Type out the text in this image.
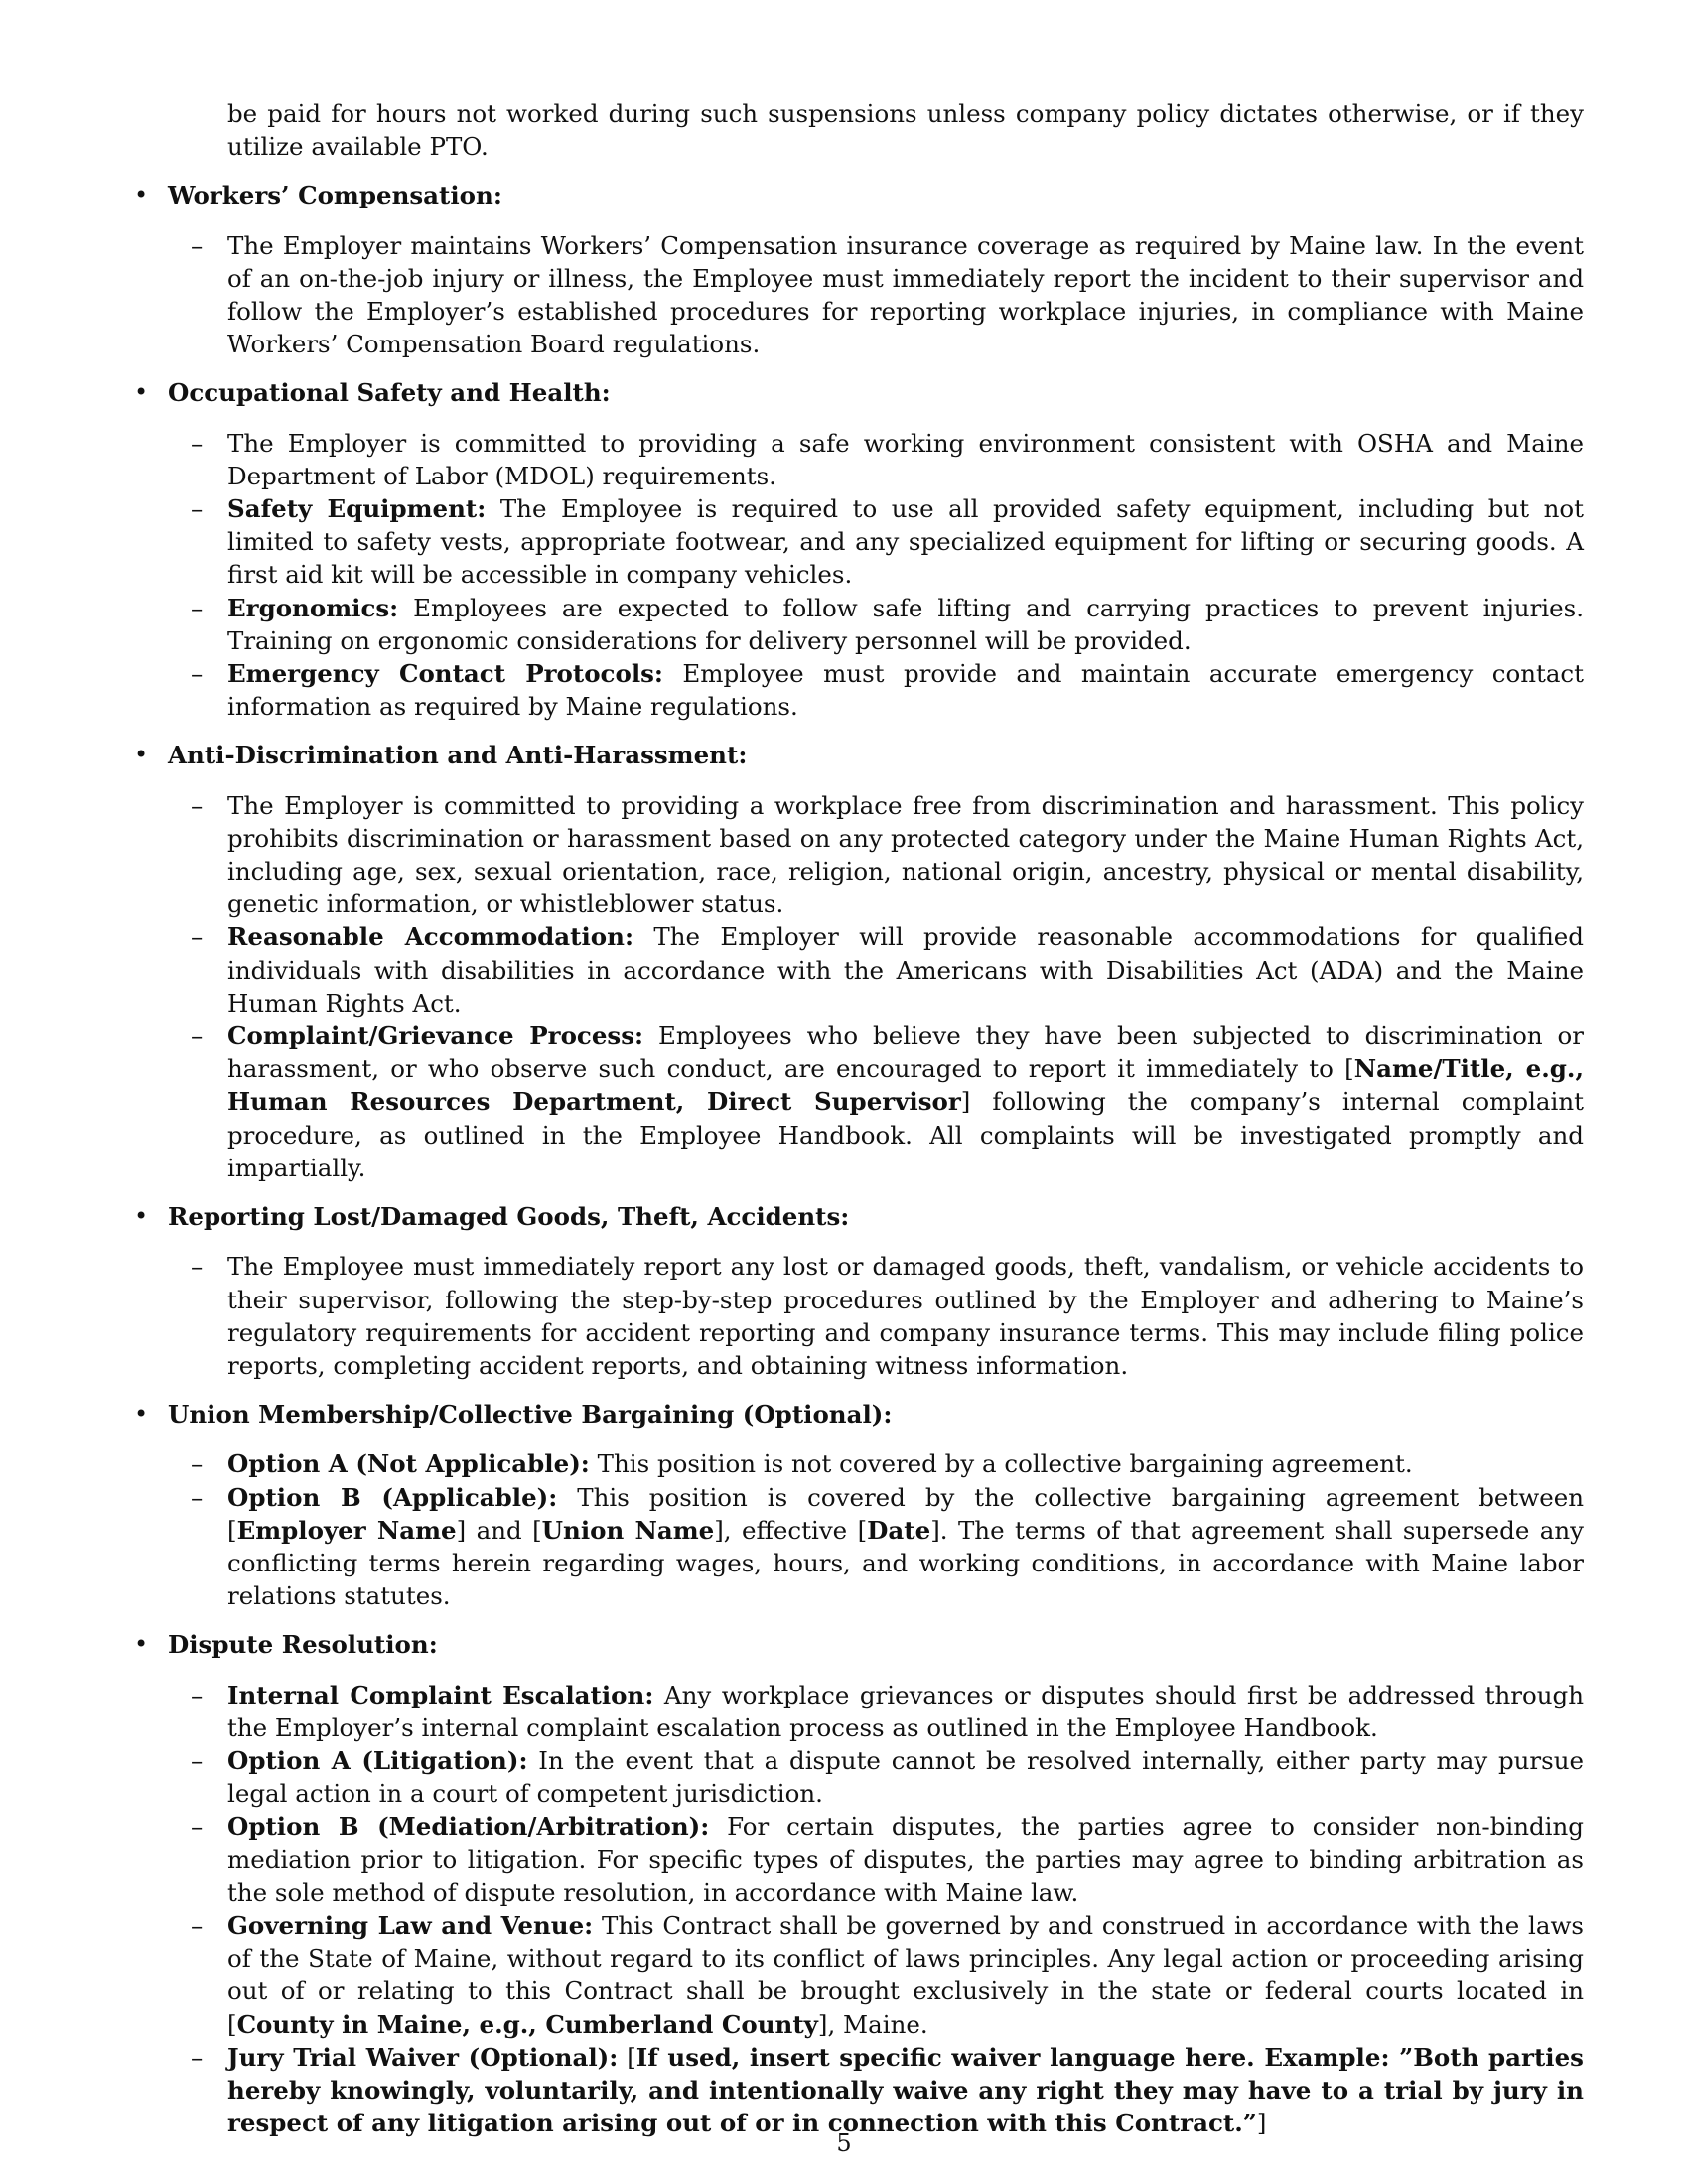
be paid for hours not worked during such suspensions unless company policy dictates otherwise, or if they utilize available PTO.

• Workers’ Compensation:
– The Employer maintains Workers’ Compensation insurance coverage as required by Maine law. In the event of an on-the-job injury or illness, the Employee must immediately report the incident to their supervisor and follow the Employer’s established procedures for reporting workplace injuries, in compliance with Maine Workers’ Compensation Board regulations.
• Occupational Safety and Health:
– The Employer is committed to providing a safe working environment consistent with OSHA and Maine Department of Labor (MDOL) requirements.
– Safety Equipment: The Employee is required to use all provided safety equipment, including but not limited to safety vests, appropriate footwear, and any specialized equipment for lifting or securing goods. A first aid kit will be accessible in company vehicles.
– Ergonomics: Employees are expected to follow safe lifting and carrying practices to prevent injuries. Training on ergonomic considerations for delivery personnel will be provided.
– Emergency Contact Protocols: Employee must provide and maintain accurate emergency contact information as required by Maine regulations.
• Anti-Discrimination and Anti-Harassment:
– The Employer is committed to providing a workplace free from discrimination and harassment. This policy prohibits discrimination or harassment based on any protected category under the Maine Human Rights Act, including age, sex, sexual orientation, race, religion, national origin, ancestry, physical or mental disability, genetic information, or whistleblower status.
– Reasonable Accommodation: The Employer will provide reasonable accommodations for qualified individuals with disabilities in accordance with the Americans with Disabilities Act (ADA) and the Maine Human Rights Act.
– Complaint/Grievance Process: Employees who believe they have been subjected to discrimination or harassment, or who observe such conduct, are encouraged to report it immediately to [Name/Title, e.g., Human Resources Department, Direct Supervisor] following the company’s internal complaint procedure, as outlined in the Employee Handbook. All complaints will be investigated promptly and impartially.
• Reporting Lost/Damaged Goods, Theft, Accidents:
– The Employee must immediately report any lost or damaged goods, theft, vandalism, or vehicle accidents to their supervisor, following the step-by-step procedures outlined by the Employer and adhering to Maine’s regulatory requirements for accident reporting and company insurance terms. This may include filing police reports, completing accident reports, and obtaining witness information.
• Union Membership/Collective Bargaining (Optional):
– Option A (Not Applicable): This position is not covered by a collective bargaining agreement.
– Option B (Applicable): This position is covered by the collective bargaining agreement between [Employer Name] and [Union Name], effective [Date]. The terms of that agreement shall supersede any conflicting terms herein regarding wages, hours, and working conditions, in accordance with Maine labor relations statutes.
• Dispute Resolution:
– Internal Complaint Escalation: Any workplace grievances or disputes should first be addressed through the Employer’s internal complaint escalation process as outlined in the Employee Handbook.
– Option A (Litigation): In the event that a dispute cannot be resolved internally, either party may pursue legal action in a court of competent jurisdiction.
– Option B (Mediation/Arbitration): For certain disputes, the parties agree to consider non-binding mediation prior to litigation. For specific types of disputes, the parties may agree to binding arbitration as the sole method of dispute resolution, in accordance with Maine law.
– Governing Law and Venue: This Contract shall be governed by and construed in accordance with the laws of the State of Maine, without regard to its conflict of laws principles. Any legal action or proceeding arising out of or relating to this Contract shall be brought exclusively in the state or federal courts located in [County in Maine, e.g., Cumberland County], Maine.
– Jury Trial Waiver (Optional): [If used, insert specific waiver language here. Example: ”Both parties hereby knowingly, voluntarily, and intentionally waive any right they may have to a trial by jury in respect of any litigation arising out of or in connection with this Contract.”]
5
